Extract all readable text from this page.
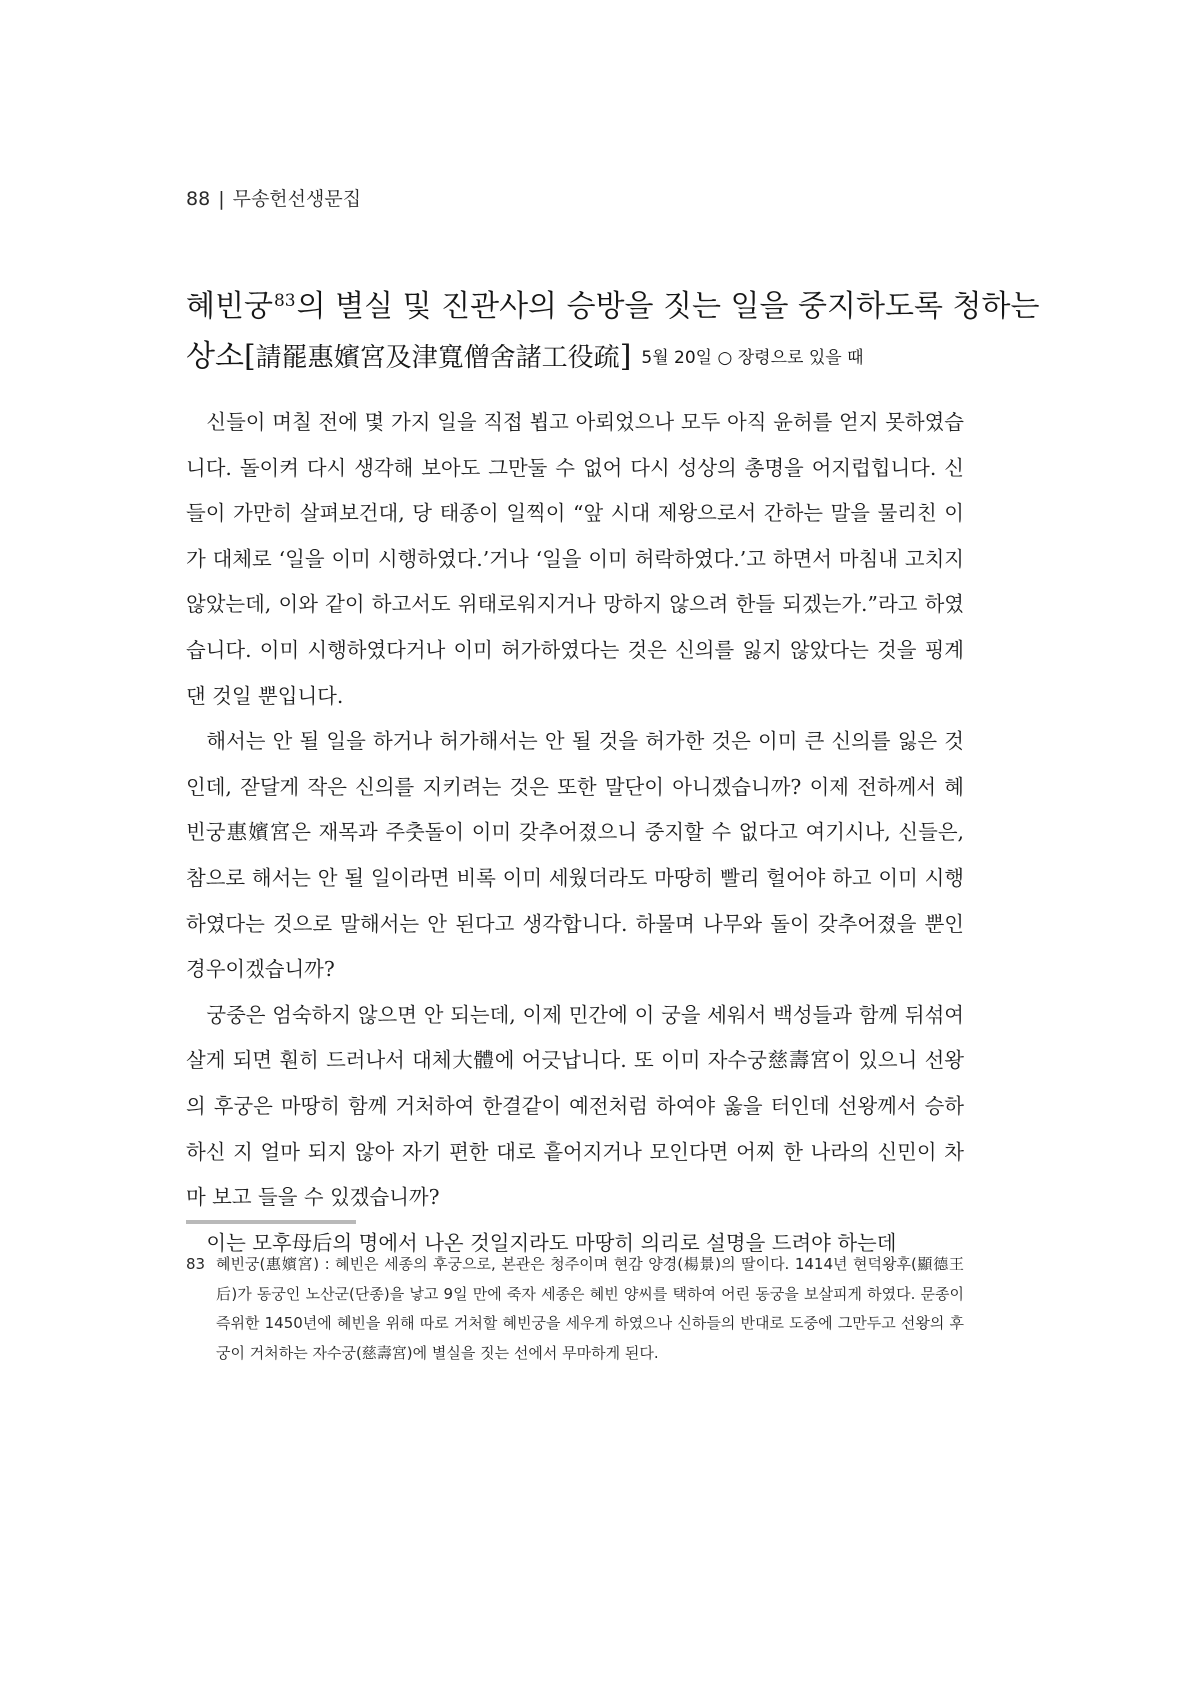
88 | 무송헌선생문집
혜빈궁$^{83}$의 별실 및 진관사의 승방을 짓는 일을 중지하도록 청하는
상소[請罷惠嬪宮及津寬僧舍諸工役疏] 5월 20일 ○ 장령으로 있을 때

신들이 며칠 전에 몇 가지 일을 직접 뵙고 아뢰었으나 모두 아직 윤허를 얻지 못하였습니다. 돌이켜 다시 생각해 보아도 그만둘 수 없어 다시 성상의 총명을 어지럽힙니다. 신들이 가만히 살펴보건대, 당 태종이 일찍이 “앞 시대 제왕으로서 간하는 말을 물리친 이가 대체로 ‘일을 이미 시행하였다.’거나 ‘일을 이미 허락하였다.’고 하면서 마침내 고치지 않았는데, 이와 같이 하고서도 위태로워지거나 망하지 않으려 한들 되겠는가.”라고 하였습니다. 이미 시행하였다거나 이미 허가하였다는 것은 신의를 잃지 않았다는 것을 핑계 댄 것일 뿐입니다.

해서는 안 될 일을 하거나 허가해서는 안 될 것을 허가한 것은 이미 큰 신의를 잃은 것인데, 잗달게 작은 신의를 지키려는 것은 또한 말단이 아니겠습니까? 이제 전하께서 혜빈궁惠嬪宮은 재목과 주춧돌이 이미 갖추어졌으니 중지할 수 없다고 여기시나, 신들은, 참으로 해서는 안 될 일이라면 비록 이미 세웠더라도 마땅히 빨리 헐어야 하고 이미 시행하였다는 것으로 말해서는 안 된다고 생각합니다. 하물며 나무와 돌이 갖추어졌을 뿐인 경우이겠습니까?

궁중은 엄숙하지 않으면 안 되는데, 이제 민간에 이 궁을 세워서 백성들과 함께 뒤섞여 살게 되면 훤히 드러나서 대체大體에 어긋납니다. 또 이미 자수궁慈壽宮이 있으니 선왕의 후궁은 마땅히 함께 거처하여 한결같이 예전처럼 하여야 옳을 터인데 선왕께서 승하하신 지 얼마 되지 않아 자기 편한 대로 흩어지거나 모인다면 어찌 한 나라의 신민이 차마 보고 들을 수 있겠습니까?

이는 모후母后의 명에서 나온 것일지라도 마땅히 의리로 설명을 드려야 하는데

83 혜빈궁(惠嬪宮) : 혜빈은 세종의 후궁으로, 본관은 청주이며 현감 양경(楊景)의 딸이다. 1414년 현덕왕후(顯德王后)가 동궁인 노산군(단종)을 낳고 9일 만에 죽자 세종은 혜빈 양씨를 택하여 어린 동궁을 보살피게 하였다. 문종이 즉위한 1450년에 혜빈을 위해 따로 거처할 혜빈궁을 세우게 하였으나 신하들의 반대로 도중에 그만두고 선왕의 후궁이 거처하는 자수궁(慈壽宮)에 별실을 짓는 선에서 무마하게 된다.
